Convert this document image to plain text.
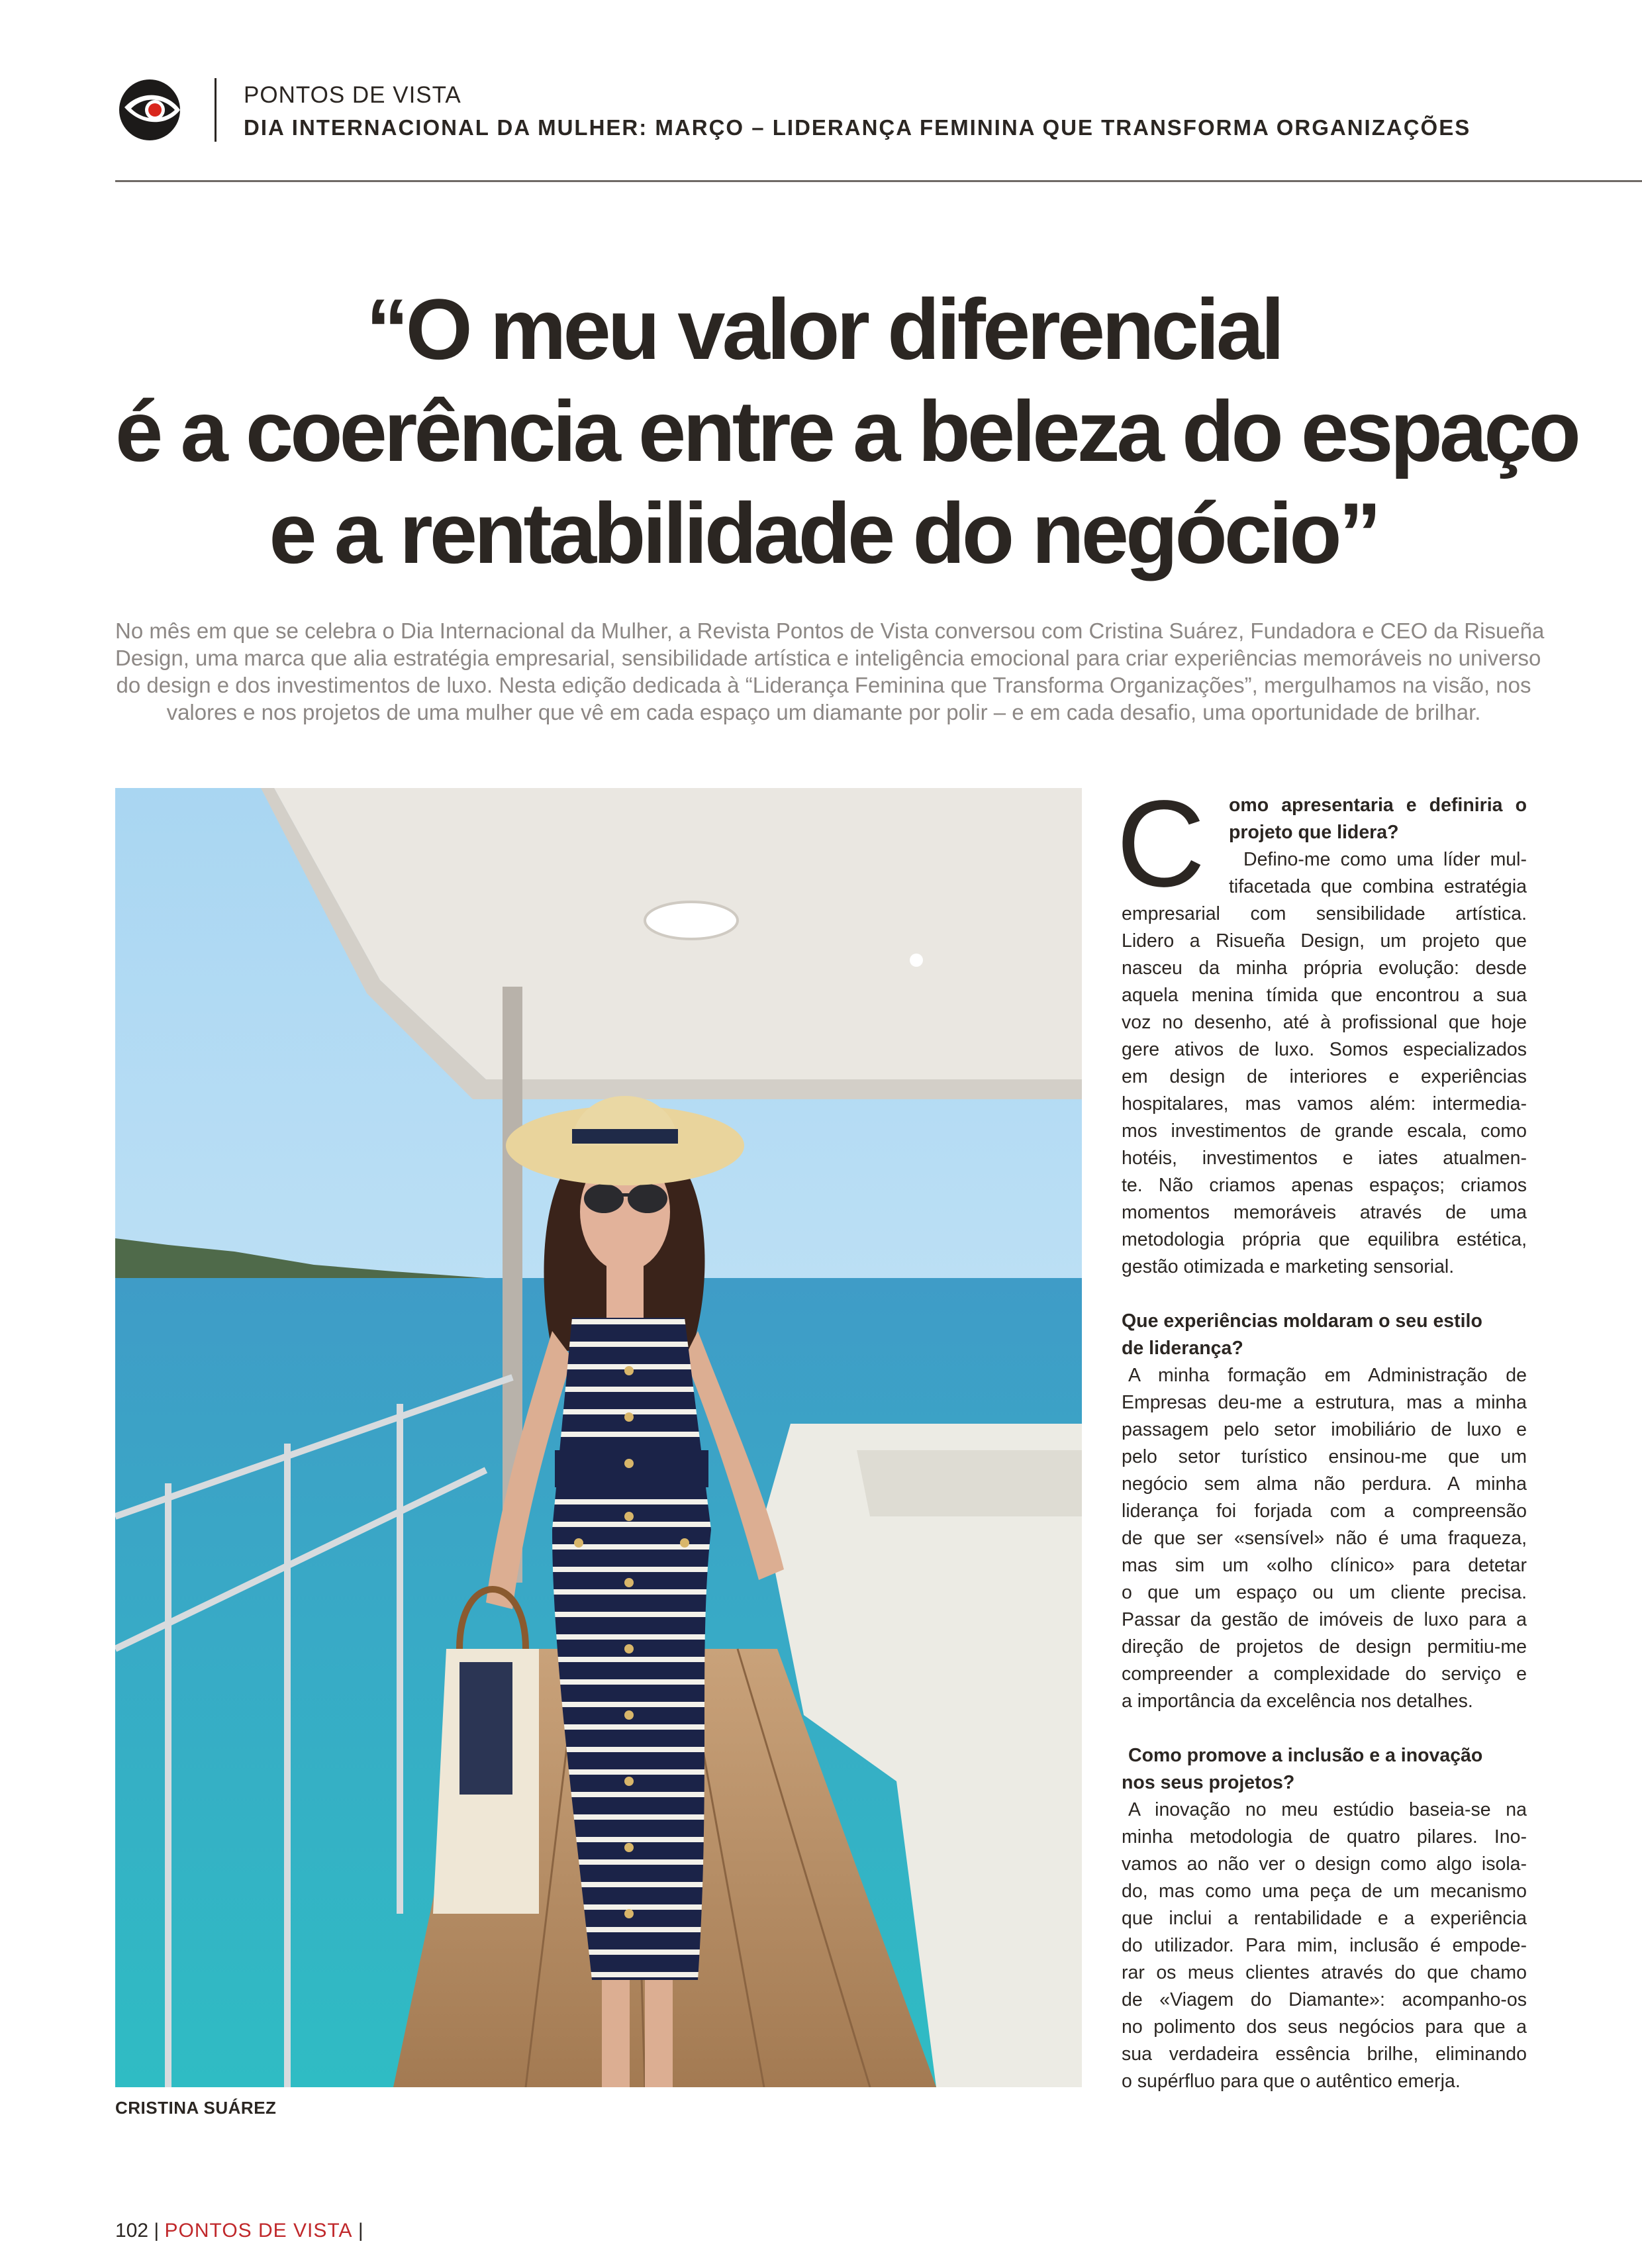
PONTOS DE VISTA
DIA INTERNACIONAL DA MULHER: MARÇO – LIDERANÇA FEMININA QUE TRANSFORMA ORGANIZAÇÕES
“O meu valor diferencial
é a coerência entre a beleza do espaço
e a rentabilidade do negócio”
No mês em que se celebra o Dia Internacional da Mulher, a Revista Pontos de Vista conversou com Cristina Suárez, Fundadora e CEO da Risueña
Design, uma marca que alia estratégia empresarial, sensibilidade artística e inteligência emocional para criar experiências memoráveis no universo
do design e dos investimentos de luxo. Nesta edição dedicada à “Liderança Feminina que Transforma Organizações”, mergulhamos na visão, nos
valores e nos projetos de uma mulher que vê em cada espaço um diamante por polir – e em cada desafio, uma oportunidade de brilhar.
CRISTINA SUÁREZ
C	omo apresentaria e definiria o
projeto que lidera?
Defino-me como uma líder mul-
tifacetada que combina estratégia
empresarial com sensibilidade artística.
Lidero a Risueña Design, um projeto que
nasceu da minha própria evolução: desde
aquela menina tímida que encontrou a sua
voz no desenho, até à profissional que hoje
gere ativos de luxo. Somos especializados
em design de interiores e experiências
hospitalares, mas vamos além: intermedia-
mos investimentos de grande escala, como
hotéis, investimentos e iates atualmen-
te. Não criamos apenas espaços; criamos
momentos memoráveis através de uma
metodologia própria que equilibra estética,
gestão otimizada e marketing sensorial.
Que experiências moldaram o seu estilo
de liderança?
A minha formação em Administração de
Empresas deu-me a estrutura, mas a minha
passagem pelo setor imobiliário de luxo e
pelo setor turístico ensinou-me que um
negócio sem alma não perdura. A minha
liderança foi forjada com a compreensão
de que ser «sensível» não é uma fraqueza,
mas sim um «olho clínico» para detetar
o que um espaço ou um cliente precisa.
Passar da gestão de imóveis de luxo para a
direção de projetos de design permitiu-me
compreender a complexidade do serviço e
a importância da excelência nos detalhes.
Como promove a inclusão e a inovação
nos seus projetos?
A inovação no meu estúdio baseia-se na
minha metodologia de quatro pilares. Ino-
vamos ao não ver o design como algo isola-
do, mas como uma peça de um mecanismo
que inclui a rentabilidade e a experiência
do utilizador. Para mim, inclusão é empode-
rar os meus clientes através do que chamo
de «Viagem do Diamante»: acompanho-os
no polimento dos seus negócios para que a
sua verdadeira essência brilhe, eliminando
o supérfluo para que o autêntico emerja.
102 | PONTOS DE VISTA |
